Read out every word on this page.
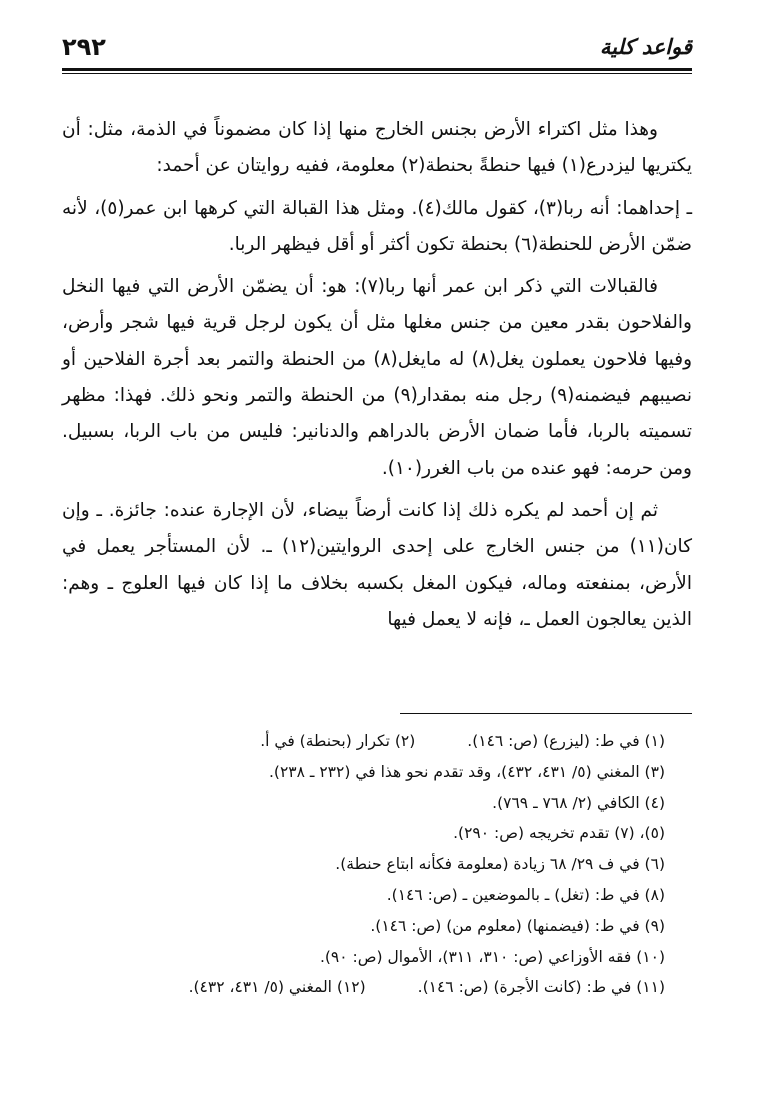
٢٩٢	قواعد كلية

وهذا مثل اكتراء الأرض بجنس الخارج منها إذا كان مضموناً في الذمة، مثل: أن يكتريها ليزدرع(١) فيها حنطةً بحنطة(٢) معلومة، ففيه روايتان عن أحمد:

ـ إحداهما: أنه ربا(٣)، كقول مالك(٤). ومثل هذا القبالة التي كرهها ابن عمر(٥)، لأنه ضمّن الأرض للحنطة(٦) بحنطة تكون أكثر أو أقل فيظهر الربا.

فالقبالات التي ذكر ابن عمر أنها ربا(٧): هو: أن يضمّن الأرض التي فيها النخل والفلاحون بقدر معين من جنس مغلها مثل أن يكون لرجل قرية فيها شجر وأرض، وفيها فلاحون يعملون يغل(٨) له مايغل(٨) من الحنطة والتمر بعد أجرة الفلاحين أو نصيبهم فيضمنه(٩) رجل منه بمقدار(٩) من الحنطة والتمر ونحو ذلك. فهذا: مظهر تسميته بالربا، فأما ضمان الأرض بالدراهم والدنانير: فليس من باب الربا، بسبيل. ومن حرمه: فهو عنده من باب الغرر(١٠).

ثم إن أحمد لم يكره ذلك إذا كانت أرضاً بيضاء، لأن الإجارة عنده: جائزة. ـ وإن كان(١١) من جنس الخارج على إحدى الروايتين(١٢) ـ. لأن المستأجر يعمل في الأرض، بمنفعته وماله، فيكون المغل بكسبه بخلاف ما إذا كان فيها العلوج ـ وهم: الذين يعالجون العمل ـ، فإنه لا يعمل فيها

(١) في ط: (ليزرع) (ص: ١٤٦).
(٢) تكرار (بحنطة) في أ.
(٣) المغني (٥/ ٤٣١، ٤٣٢)، وقد تقدم نحو هذا في (٢٣٢ ـ ٢٣٨).
(٤) الكافي (٢/ ٧٦٨ ـ ٧٦٩).
(٥)، (٧) تقدم تخريجه (ص: ٢٩٠).
(٦) في ف ٢٩/ ٦٨ زيادة (معلومة فكأنه ابتاع حنطة).
(٨) في ط: (تغل) ـ بالموضعين ـ (ص: ١٤٦).
(٩) في ط: (فيضمنها) (معلوم من) (ص: ١٤٦).
(١٠) فقه الأوزاعي (ص: ٣١٠، ٣١١)، الأموال (ص: ٩٠).
(١١) في ط: (كانت الأجرة) (ص: ١٤٦).
(١٢) المغني (٥/ ٤٣١، ٤٣٢).
